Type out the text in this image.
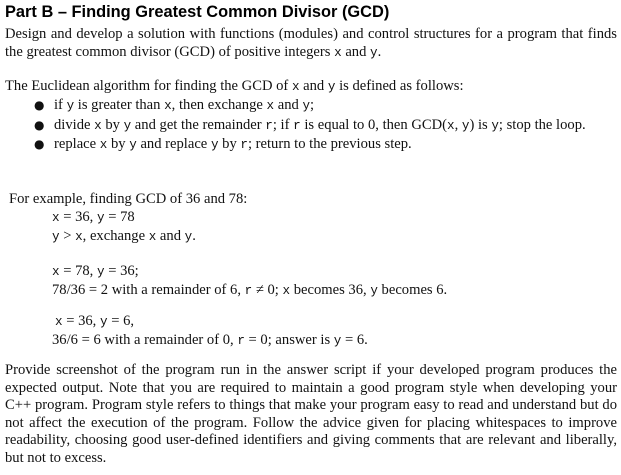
Part B – Finding Greatest Common Divisor (GCD)
Design and develop a solution with functions (modules) and control structures for a program that finds the greatest common divisor (GCD) of positive integers x and y.
The Euclidean algorithm for finding the GCD of x and y is defined as follows:
● if y is greater than x, then exchange x and y;
● divide x by y and get the remainder r; if r is equal to 0, then GCD(x, y) is y; stop the loop.
● replace x by y and replace y by r; return to the previous step.
For example, finding GCD of 36 and 78:
x = 36, y = 78
y > x, exchange x and y.
x = 78, y = 36;
78/36 = 2 with a remainder of 6, r ≠ 0; x becomes 36, y becomes 6.
x = 36, y = 6,
36/6 = 6 with a remainder of 0, r = 0; answer is y = 6.
Provide screenshot of the program run in the answer script if your developed program produces the expected output. Note that you are required to maintain a good program style when developing your C++ program. Program style refers to things that make your program easy to read and understand but do not affect the execution of the program. Follow the advice given for placing whitespaces to improve readability, choosing good user-defined identifiers and giving comments that are relevant and liberally, but not to excess.
